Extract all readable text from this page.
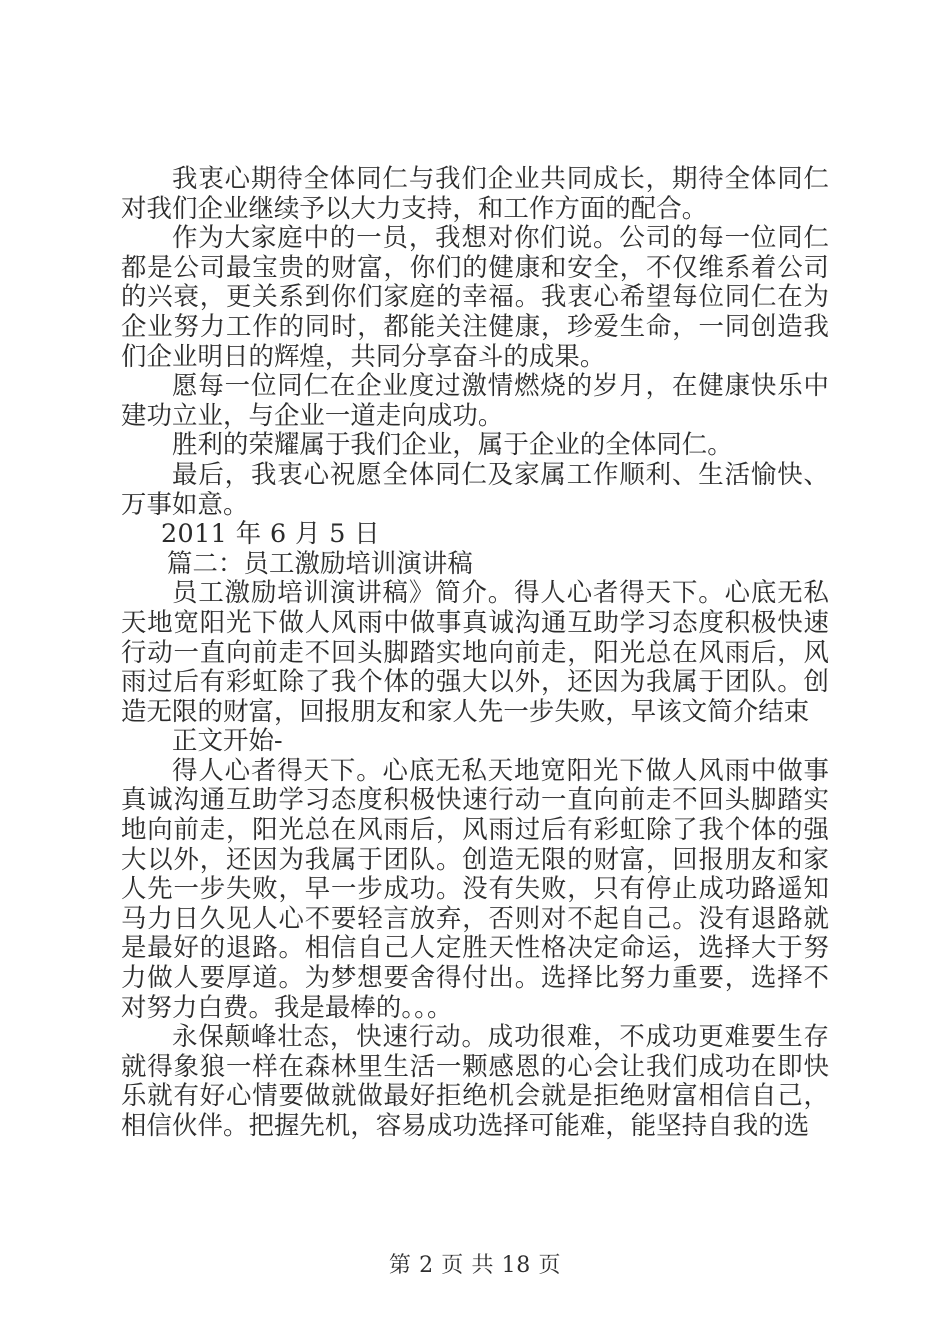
我衷心期待全体同仁与我们企业共同成长，期待全体同仁对我们企业继续予以大力支持，和工作方面的配合。

作为大家庭中的一员，我想对你们说。公司的每一位同仁都是公司最宝贵的财富，你们的健康和安全，不仅维系着公司的兴衰，更关系到你们家庭的幸福。我衷心希望每位同仁在为企业努力工作的同时，都能关注健康，珍爱生命，一同创造我们企业明日的辉煌，共同分享奋斗的成果。

愿每一位同仁在企业度过激情燃烧的岁月，在健康快乐中建功立业，与企业一道走向成功。

胜利的荣耀属于我们企业，属于企业的全体同仁。

最后，我衷心祝愿全体同仁及家属工作顺利、生活愉快、万事如意。

2011 年 6 月 5 日

篇二：员工激励培训演讲稿

员工激励培训演讲稿》简介。得人心者得天下。心底无私天地宽阳光下做人风雨中做事真诚沟通互助学习态度积极快速行动一直向前走不回头脚踏实地向前走，阳光总在风雨后，风雨过后有彩虹除了我个体的强大以外，还因为我属于团队。创造无限的财富，回报朋友和家人先一步失败，早该文简介结束

正文开始-

得人心者得天下。心底无私天地宽阳光下做人风雨中做事真诚沟通互助学习态度积极快速行动一直向前走不回头脚踏实地向前走，阳光总在风雨后，风雨过后有彩虹除了我个体的强大以外，还因为我属于团队。创造无限的财富，回报朋友和家人先一步失败，早一步成功。没有失败，只有停止成功路遥知马力日久见人心不要轻言放弃，否则对不起自己。没有退路就是最好的退路。相信自己人定胜天性格决定命运，选择大于努力做人要厚道。为梦想要舍得付出。选择比努力重要，选择不对努力白费。我是最棒的。。。

永保颠峰壮态，快速行动。成功很难，不成功更难要生存就得象狼一样在森林里生活一颗感恩的心会让我们成功在即快乐就有好心情要做就做最好拒绝机会就是拒绝财富相信自己，相信伙伴。把握先机，容易成功选择可能难，能坚持自我的选

第 2 页 共 18 页
